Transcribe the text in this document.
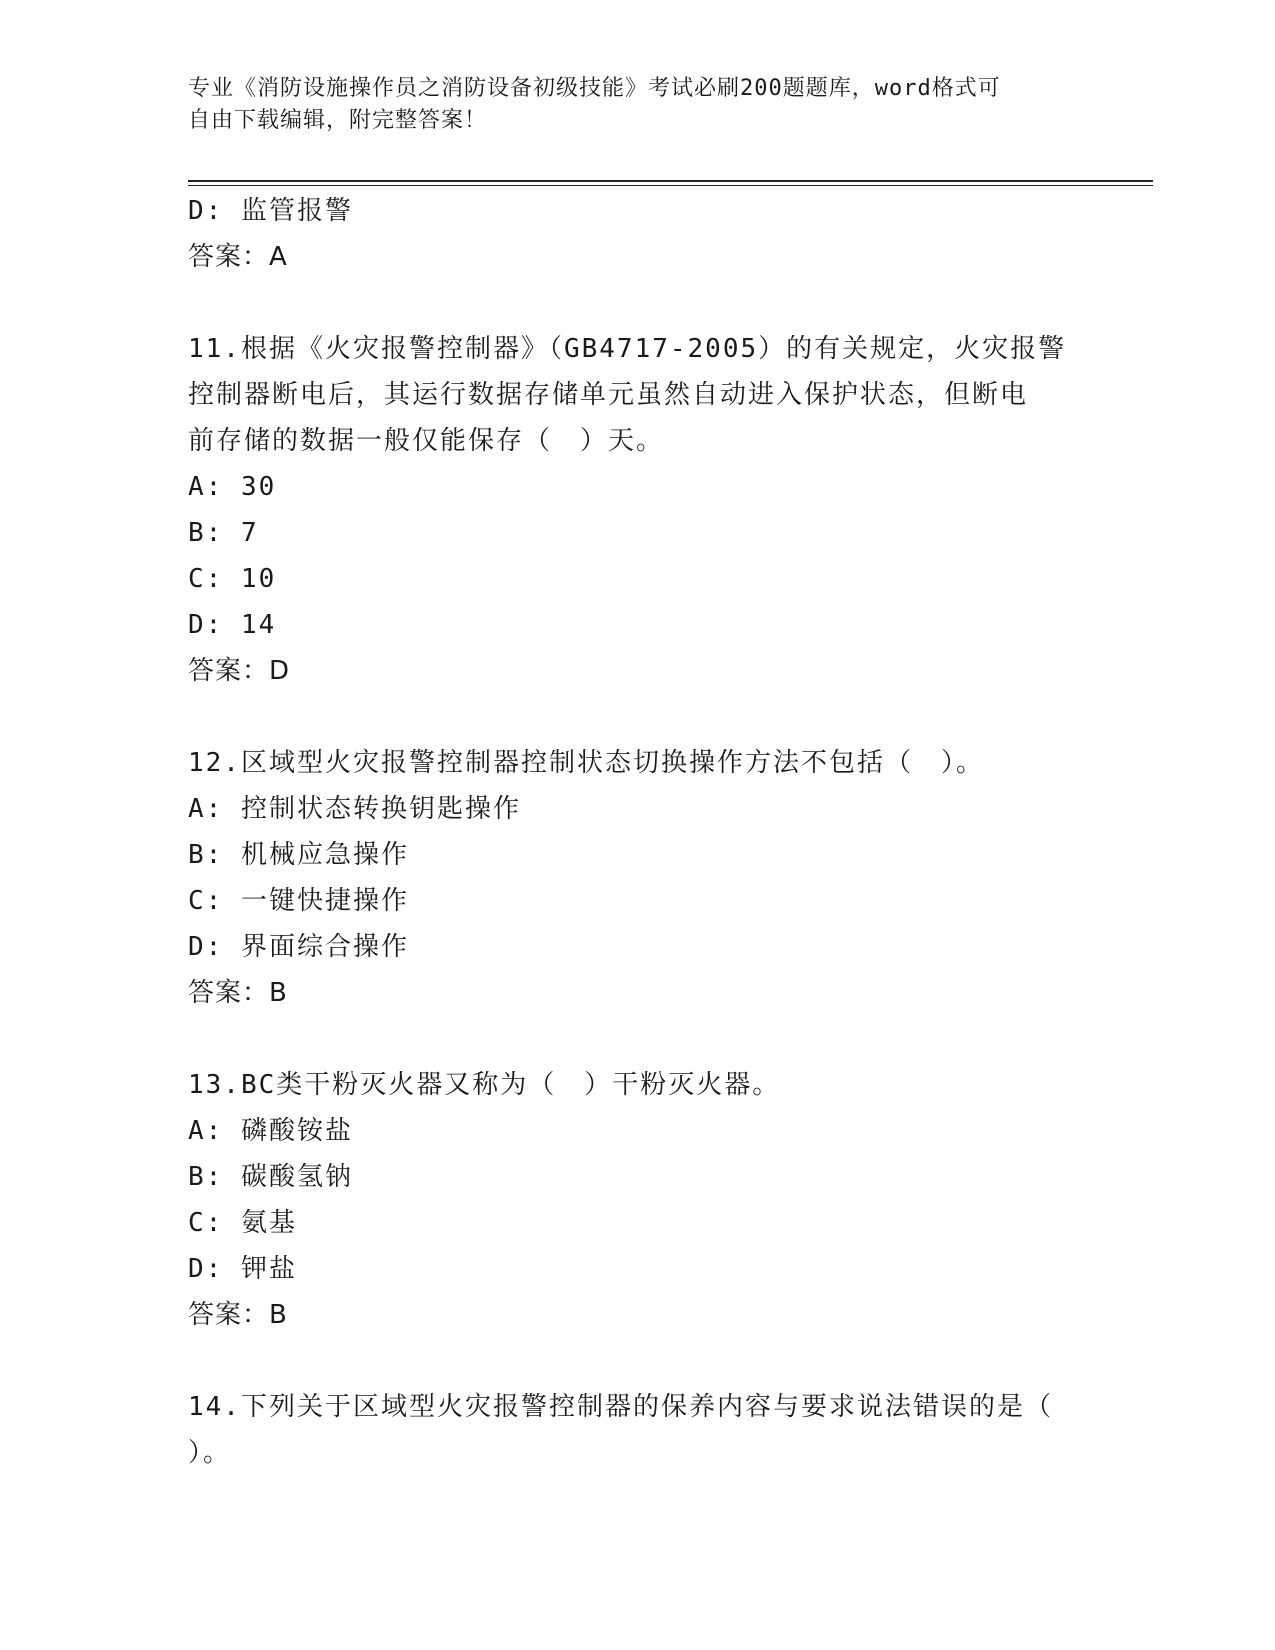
专业《消防设施操作员之消防设备初级技能》考试必刷200题题库，word格式可
自由下载编辑，附完整答案！
D: 监管报警
答案：A
11.根据《火灾报警控制器》（GB4717-2005）的有关规定，火灾报警
控制器断电后，其运行数据存储单元虽然自动进入保护状态，但断电
前存储的数据一般仅能保存（　）天。
A: 30
B: 7
C: 10
D: 14
答案：D
12.区域型火灾报警控制器控制状态切换操作方法不包括（　）。
A: 控制状态转换钥匙操作
B: 机械应急操作
C: 一键快捷操作
D: 界面综合操作
答案：B
13.BC类干粉灭火器又称为（　）干粉灭火器。
A: 磷酸铵盐
B: 碳酸氢钠
C: 氨基
D: 钾盐
答案：B
14.下列关于区域型火灾报警控制器的保养内容与要求说法错误的是（
）。
